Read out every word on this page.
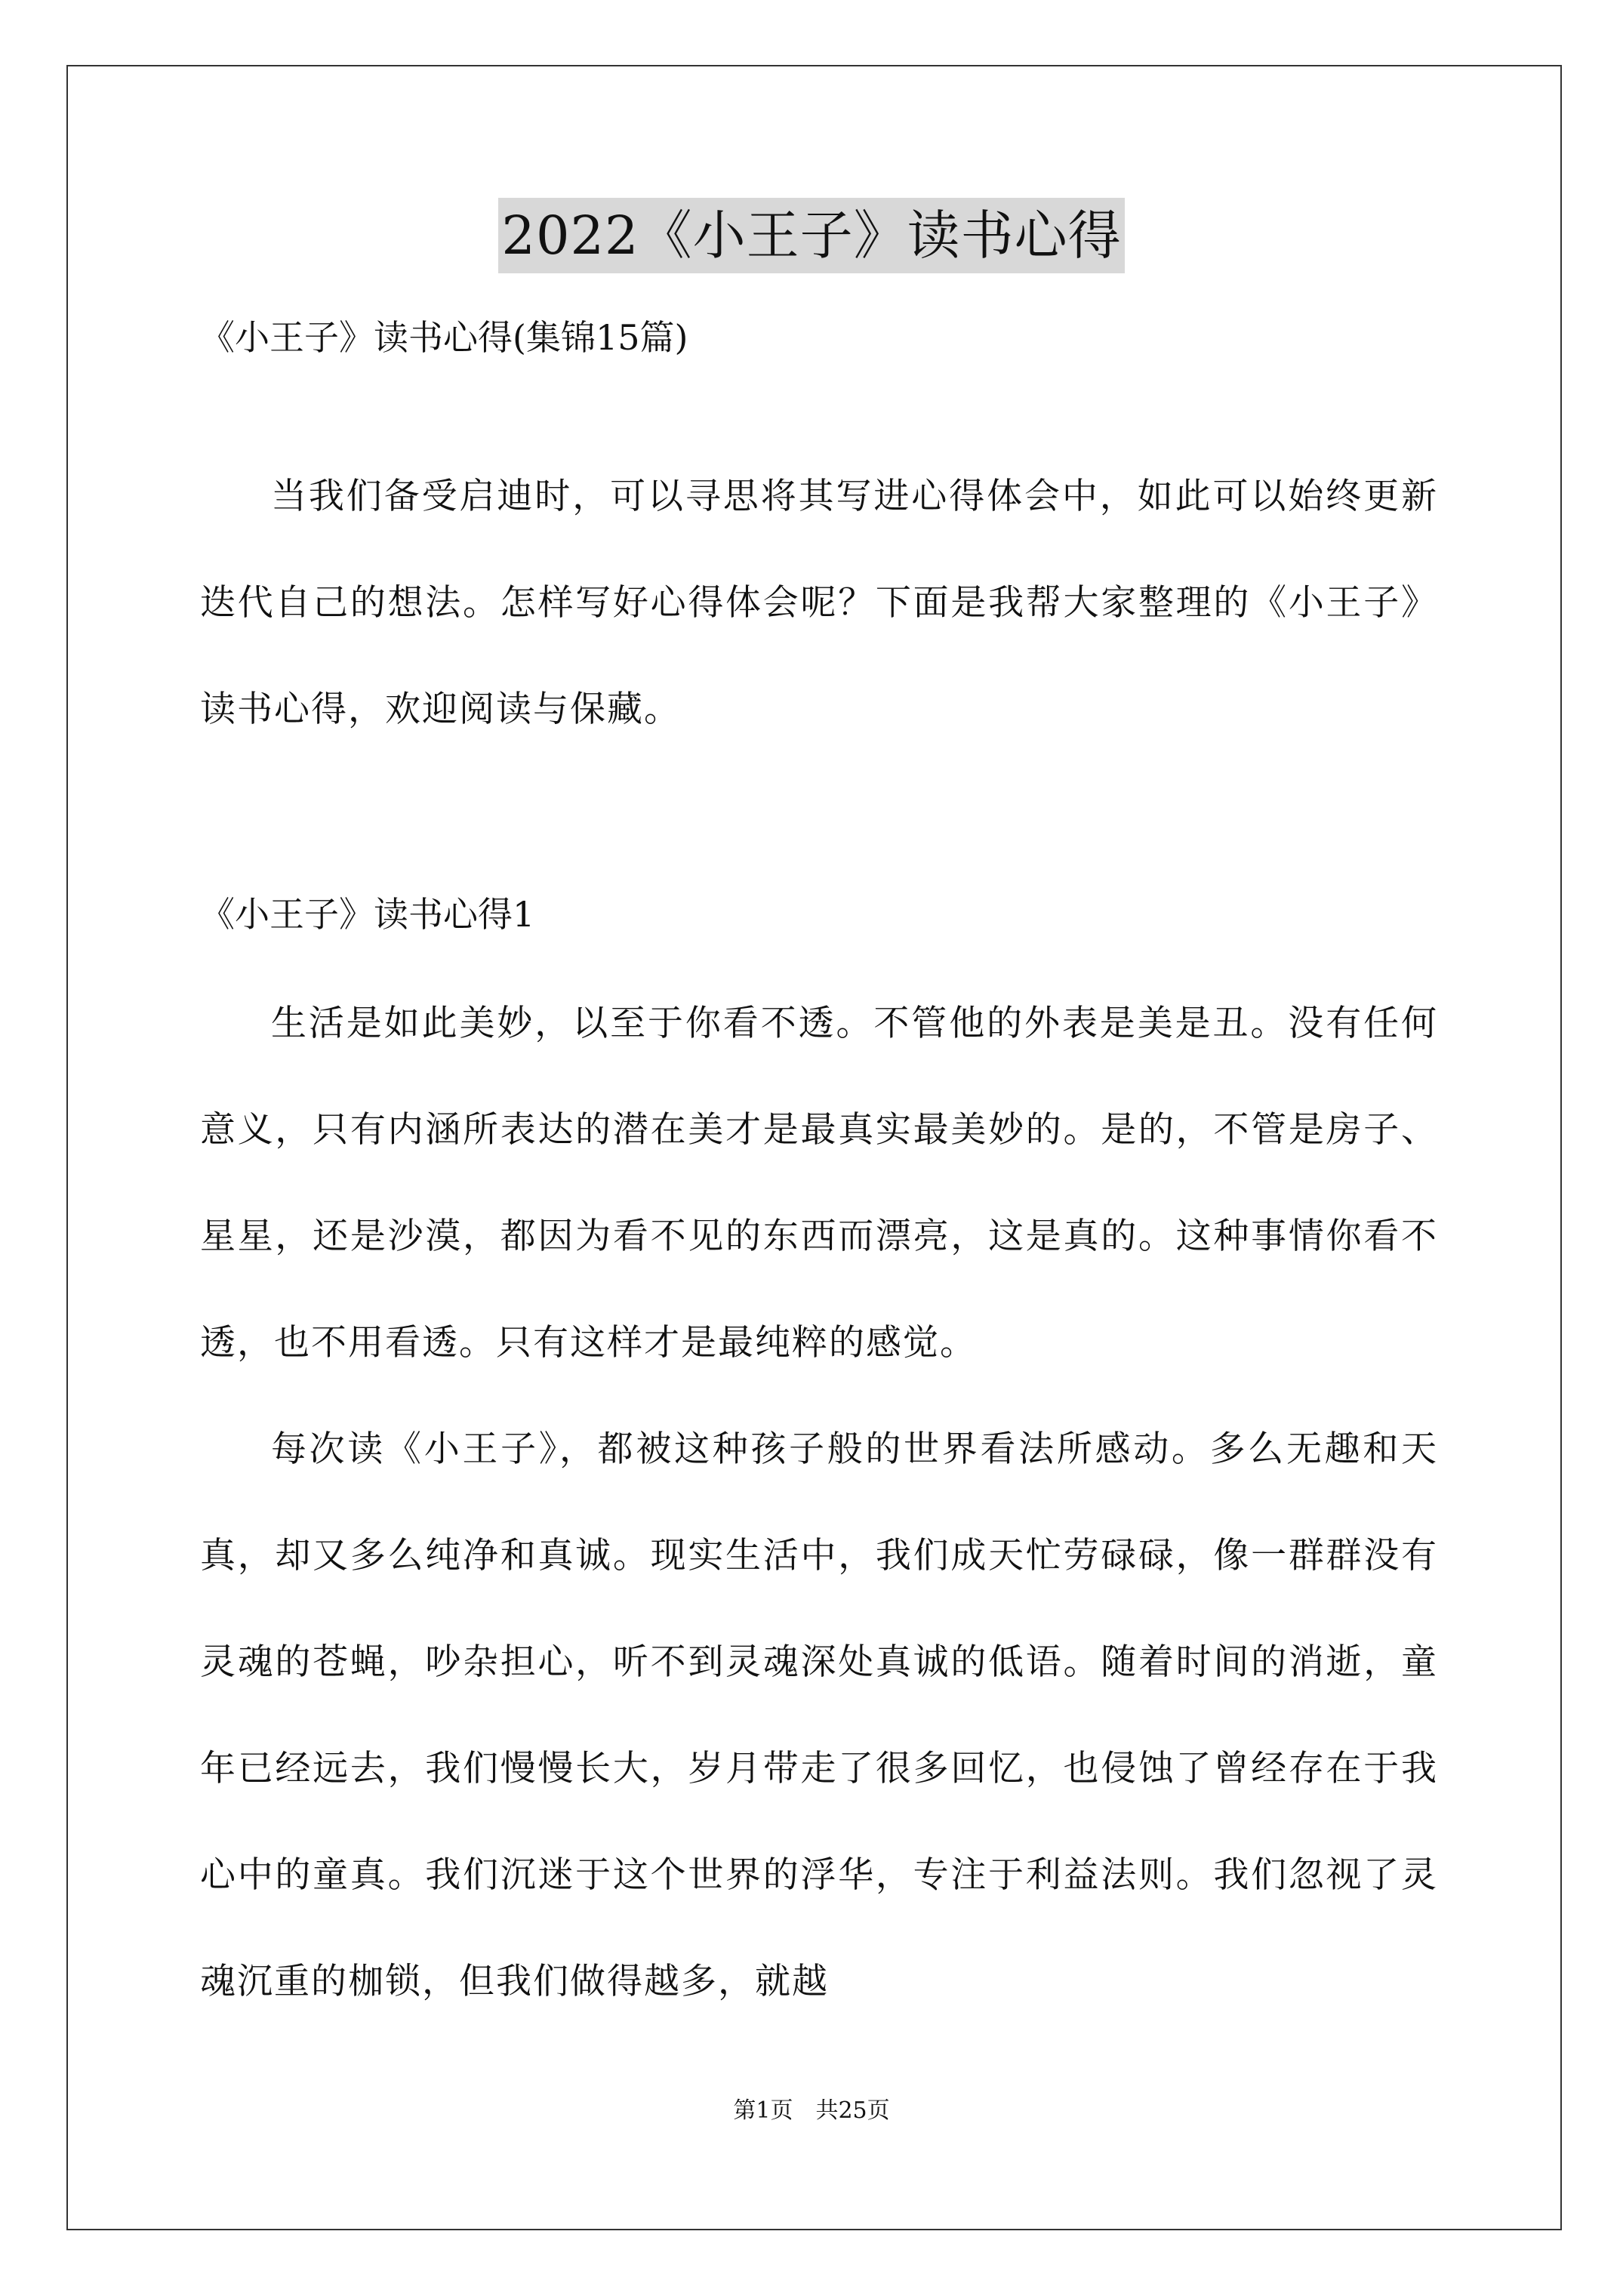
2022《小王子》读书心得
《小王子》读书心得(集锦15篇)

当我们备受启迪时，可以寻思将其写进心得体会中，如此可以始终更新迭代自己的想法。怎样写好心得体会呢？下面是我帮大家整理的《小王子》读书心得，欢迎阅读与保藏。

《小王子》读书心得1

生活是如此美妙，以至于你看不透。不管他的外表是美是丑。没有任何意义，只有内涵所表达的潜在美才是最真实最美妙的。是的，不管是房子、星星，还是沙漠，都因为看不见的东西而漂亮，这是真的。这种事情你看不透，也不用看透。只有这样才是最纯粹的感觉。

每次读《小王子》，都被这种孩子般的世界看法所感动。多么无趣和天真，却又多么纯净和真诚。现实生活中，我们成天忙劳碌碌，像一群群没有灵魂的苍蝇，吵杂担心，听不到灵魂深处真诚的低语。随着时间的消逝，童年已经远去，我们慢慢长大，岁月带走了很多回忆，也侵蚀了曾经存在于我心中的童真。我们沉迷于这个世界的浮华，专注于利益法则。我们忽视了灵魂沉重的枷锁，但我们做得越多，就越

第1页　共25页
